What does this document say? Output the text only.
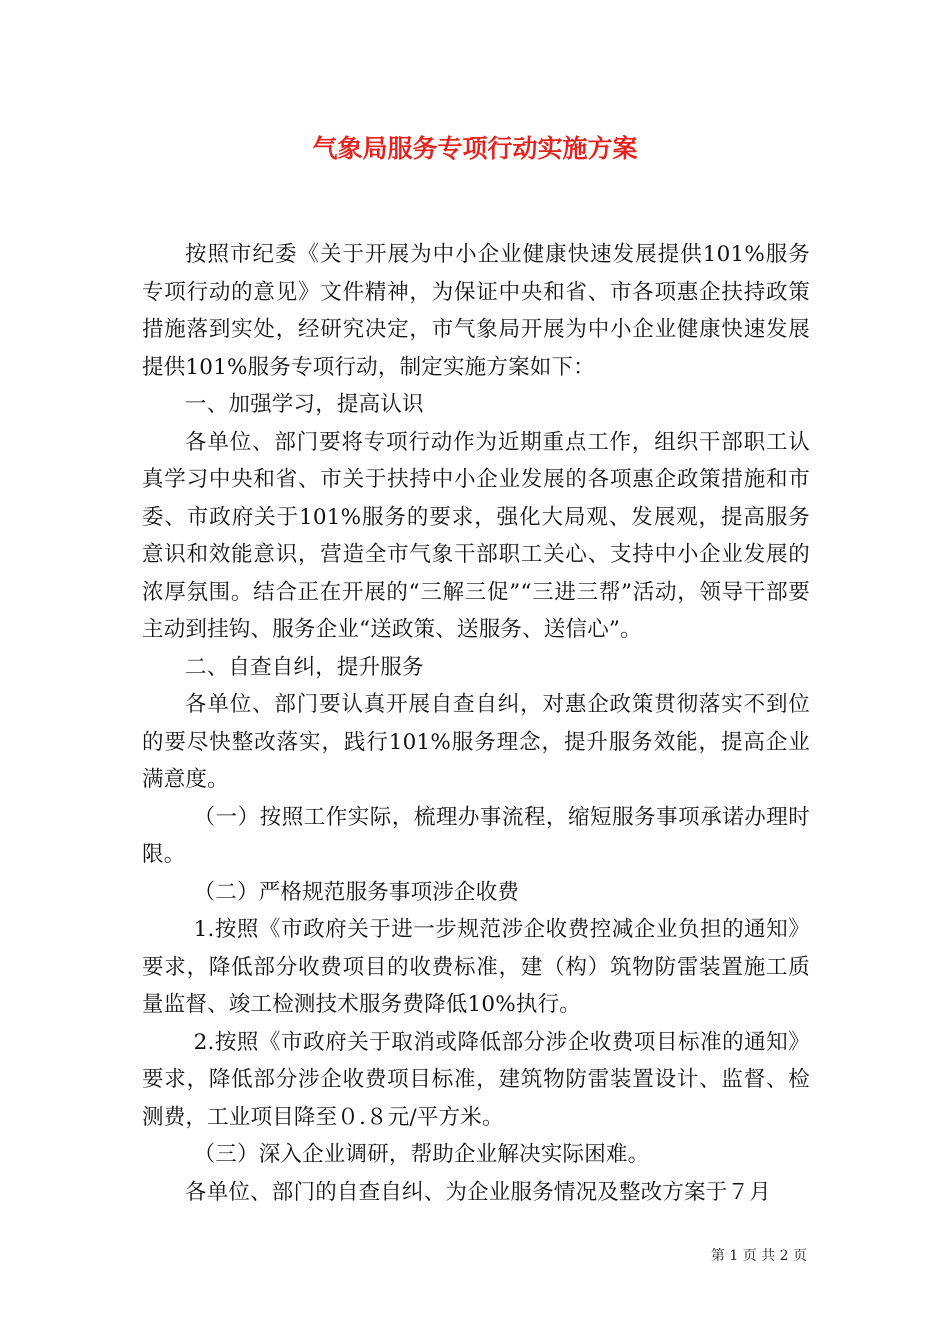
气象局服务专项行动实施方案

按照市纪委《关于开展为中小企业健康快速发展提供101%服务专项行动的意见》文件精神，为保证中央和省、市各项惠企扶持政策措施落到实处，经研究决定，市气象局开展为中小企业健康快速发展提供101%服务专项行动，制定实施方案如下：

一、加强学习，提高认识

各单位、部门要将专项行动作为近期重点工作，组织干部职工认真学习中央和省、市关于扶持中小企业发展的各项惠企政策措施和市委、市政府关于101%服务的要求，强化大局观、发展观，提高服务意识和效能意识，营造全市气象干部职工关心、支持中小企业发展的浓厚氛围。结合正在开展的“三解三促”“三进三帮”活动，领导干部要主动到挂钩、服务企业“送政策、送服务、送信心”。

二、自查自纠，提升服务

各单位、部门要认真开展自查自纠，对惠企政策贯彻落实不到位的要尽快整改落实，践行101%服务理念，提升服务效能，提高企业满意度。

（一）按照工作实际，梳理办事流程，缩短服务事项承诺办理时限。

（二）严格规范服务事项涉企收费

1.按照《市政府关于进一步规范涉企收费控减企业负担的通知》要求，降低部分收费项目的收费标准，建（构）筑物防雷装置施工质量监督、竣工检测技术服务费降低10%执行。

2.按照《市政府关于取消或降低部分涉企收费项目标准的通知》要求，降低部分涉企收费项目标准，建筑物防雷装置设计、监督、检测费，工业项目降至０.８元/平方米。

（三）深入企业调研，帮助企业解决实际困难。

各单位、部门的自查自纠、为企业服务情况及整改方案于７月

第 1 页 共 2 页
